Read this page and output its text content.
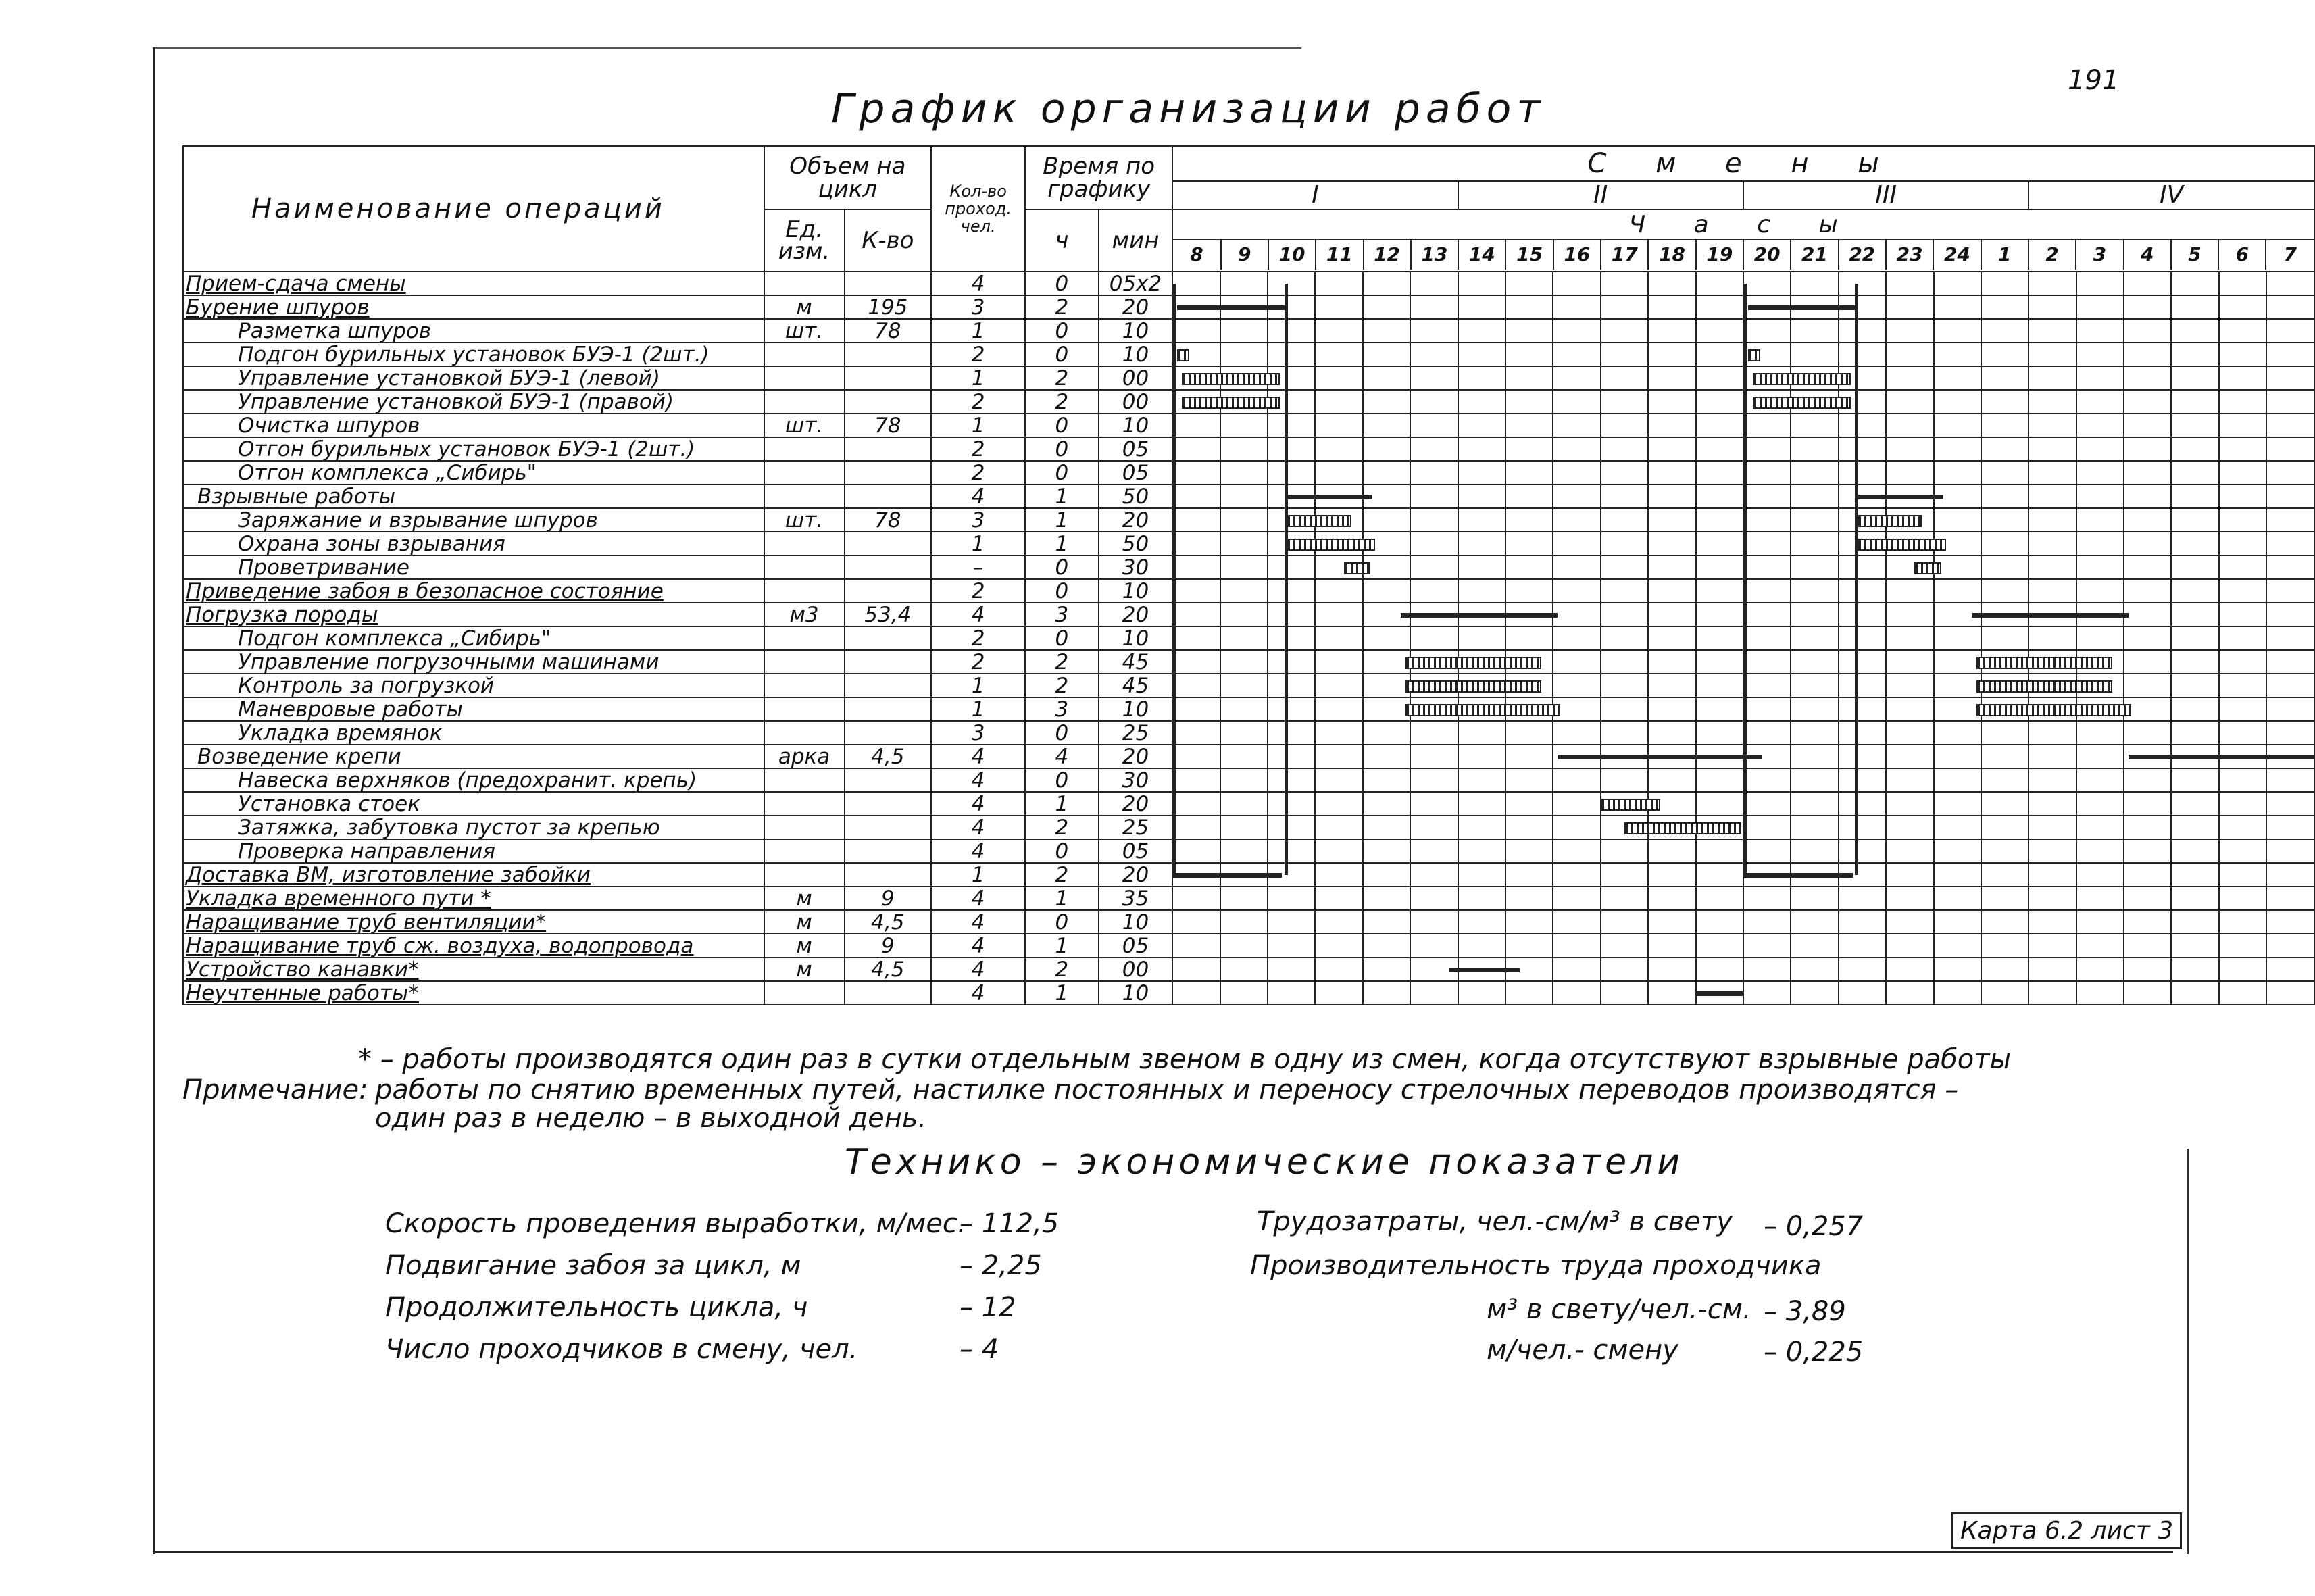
191
График организации работ
Наименование операций	Объем на цикл	Кол-во проход. чел.	Время по графику	С м е н ы
I	II	III	IV
Ед. изм.	К-во	ч	мин	
Ч а с ы
8	9	10	11	12	13	14	15	16	17	18	19	20	21	22	23	24	1	2	3	4	5	6	7

Прием-сдача смены			4	0	05x2																								
Бурение шпуров	м	195	3	2	20																								
Разметка шпуров	шт.	78	1	0	10																								
Подгон бурильных установок БУЭ-1 (2шт.)			2	0	10																								
Управление установкой БУЭ-1 (левой)			1	2	00																								
Управление установкой БУЭ-1 (правой)			2	2	00																								
Очистка шпуров	шт.	78	1	0	10																								
Отгон бурильных установок БУЭ-1 (2шт.)			2	0	05																								
Отгон комплекса „Сибирь"			2	0	05																								
Взрывные работы			4	1	50																								
Заряжание и взрывание шпуров	шт.	78	3	1	20																								
Охрана зоны взрывания			1	1	50																								
Проветривание			–	0	30																								
Приведение забоя в безопасное состояние			2	0	10																								
Погрузка породы	м3	53,4	4	3	20																								
Подгон комплекса „Сибирь"			2	0	10																								
Управление погрузочными машинами			2	2	45																								
Контроль за погрузкой			1	2	45																								
Маневровые работы			1	3	10																								
Укладка времянок			3	0	25																								
Возведение крепи	арка	4,5	4	4	20																								
Навеска верхняков (предохранит. крепь)			4	0	30																								
Установка стоек			4	1	20																								
Затяжка, забутовка пустот за крепью			4	2	25																								
Проверка направления			4	0	05																								
Доставка ВМ, изготовление забойки			1	2	20																								
Укладка временного пути *	м	9	4	1	35																								
Наращивание труб вентиляции*	м	4,5	4	0	10																								
Наращивание труб сж. воздуха, водопровода	м	9	4	1	05																								
Устройство канавки*	м	4,5	4	2	00																								
Неучтенные работы*			4	1	10																								
* – работы производятся один раз в сутки отдельным звеном в одну из смен, когда отсутствуют взрывные работы
Примечание: работы по снятию временных путей, настилке постоянных и переносу стрелочных переводов производятся –
один раз в неделю – в выходной день.
Технико – экономические показатели
Скорость проведения выработки, м/мес.
– 112,5
Подвигание забоя за цикл, м	– 2,25
Продолжительность цикла, ч	– 12
Число проходчиков в смену, чел.	– 4
Трудозатраты, чел.-см/м³ в свету – 0,257
Производительность труда проходчика
м³ в свету/чел.-см. – 3,89
м/чел.- смену	– 0,225
Карта 6.2 лист 3
